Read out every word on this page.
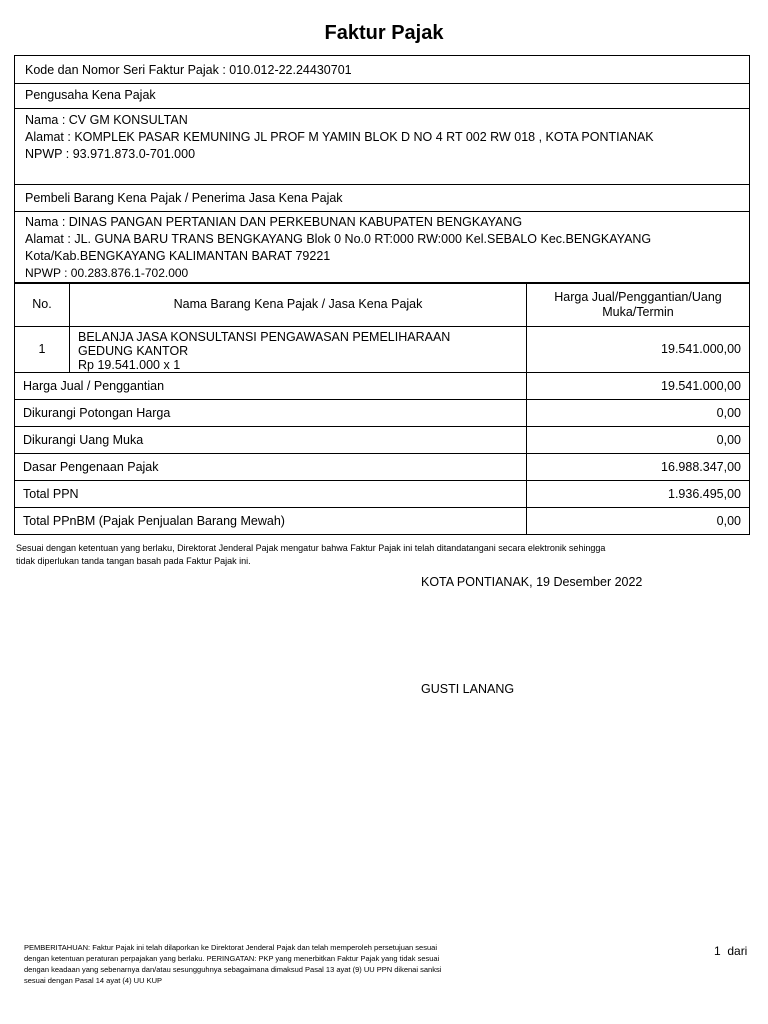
Faktur Pajak
Kode dan Nomor Seri Faktur Pajak : 010.012-22.24430701
Pengusaha Kena Pajak
Nama : CV GM KONSULTAN
Alamat : KOMPLEK PASAR KEMUNING JL PROF M YAMIN BLOK D NO 4 RT 002 RW 018 , KOTA PONTIANAK
NPWP : 93.971.873.0-701.000
Pembeli Barang Kena Pajak / Penerima Jasa Kena Pajak
Nama : DINAS PANGAN PERTANIAN DAN PERKEBUNAN KABUPATEN BENGKAYANG
Alamat : JL. GUNA BARU TRANS BENGKAYANG Blok 0 No.0 RT:000 RW:000 Kel.SEBALO Kec.BENGKAYANG
Kota/Kab.BENGKAYANG KALIMANTAN BARAT 79221
NPWP : 00.283.876.1-702.000
No.	Nama Barang Kena Pajak / Jasa Kena Pajak	Harga Jual/Penggantian/Uang
Muka/Termin

1	BELANJA JASA KONSULTANSI PENGAWASAN PEMELIHARAAN
GEDUNG KANTOR
Rp 19.541.000 x 1	19.541.000,00
Harga Jual / Penggantian		19.541.000,00
Dikurangi Potongan Harga		0,00
Dikurangi Uang Muka		0,00
Dasar Pengenaan Pajak		16.988.347,00
Total PPN		1.936.495,00
Total PPnBM (Pajak Penjualan Barang Mewah)		0,00
Sesuai dengan ketentuan yang berlaku, Direktorat Jenderal Pajak mengatur bahwa Faktur Pajak ini telah ditandatangani secara elektronik sehingga
tidak diperlukan tanda tangan basah pada Faktur Pajak ini.
KOTA PONTIANAK, 19 Desember 2022
GUSTI LANANG
PEMBERITAHUAN: Faktur Pajak ini telah dilaporkan ke Direktorat Jenderal Pajak dan telah memperoleh persetujuan sesuai
dengan ketentuan peraturan perpajakan yang berlaku. PERINGATAN: PKP yang menerbitkan Faktur Pajak yang tidak sesuai
dengan keadaan yang sebenarnya dan/atau sesungguhnya sebagaimana dimaksud Pasal 13 ayat (9) UU PPN dikenai sanksi
sesuai dengan Pasal 14 ayat (4) UU KUP
1  dari
